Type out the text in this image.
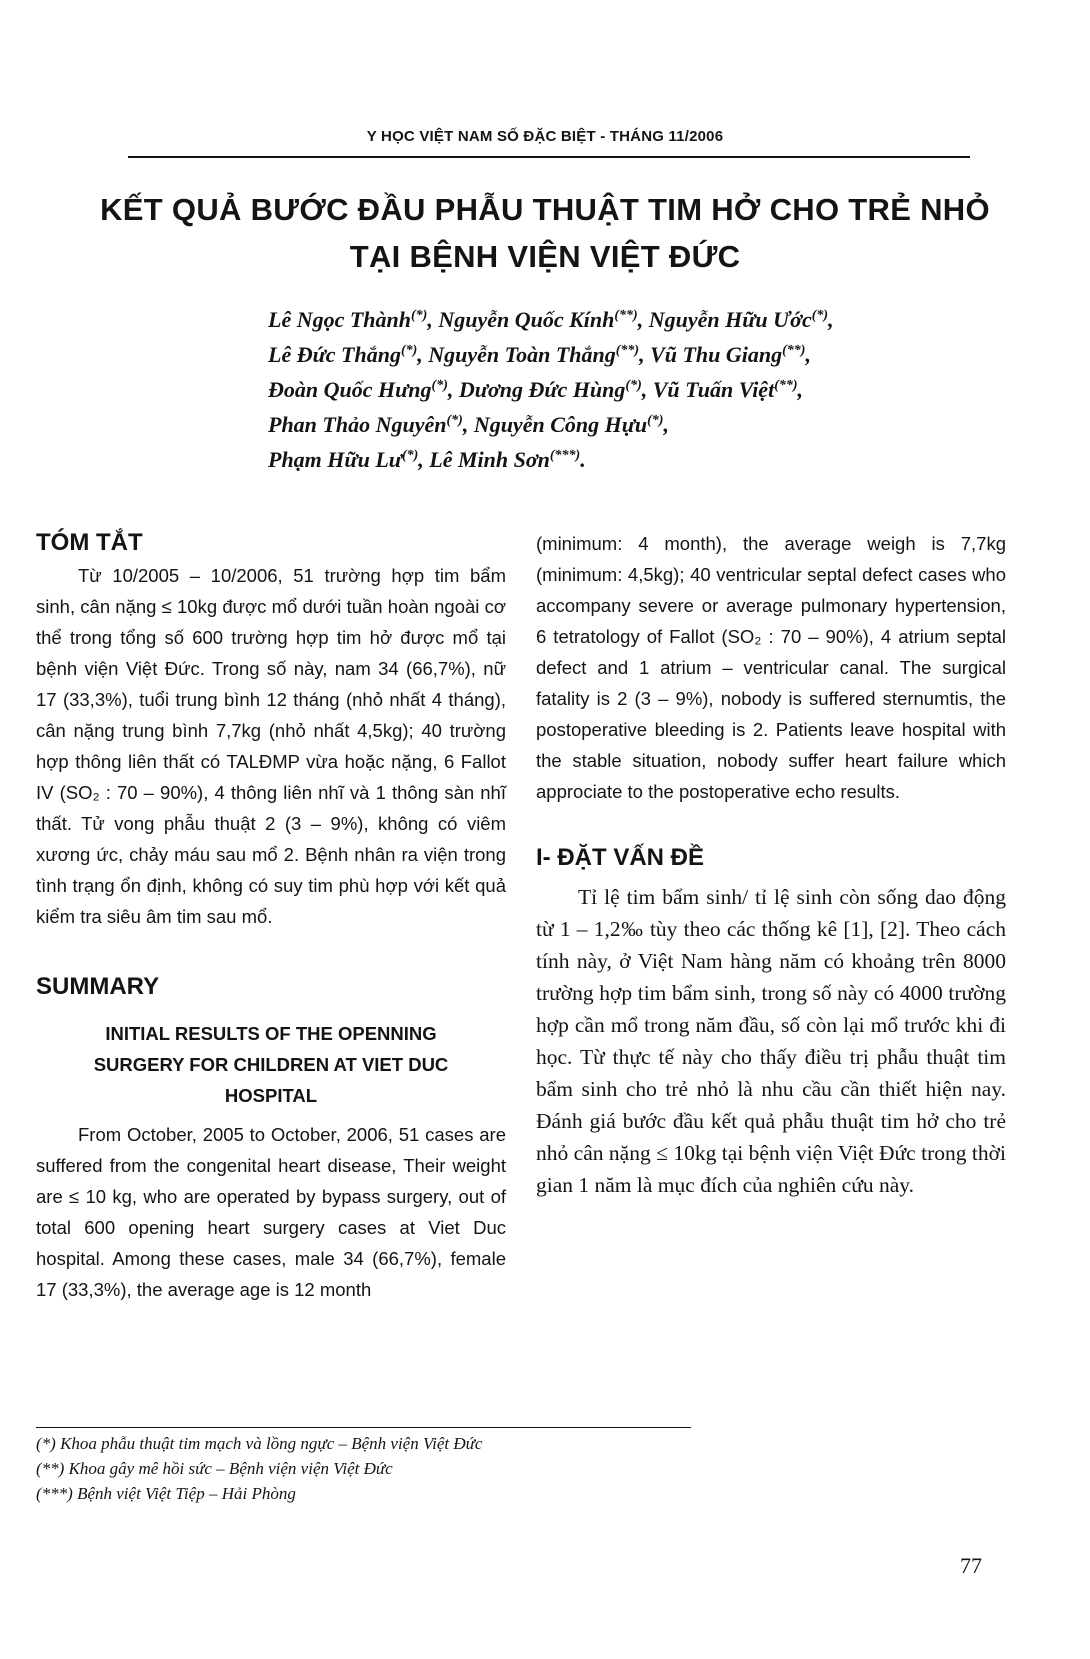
Y HỌC VIỆT NAM SỐ ĐẶC BIỆT - THÁNG 11/2006
KẾT QUẢ BƯỚC ĐẦU PHẪU THUẬT TIM HỞ CHO TRẺ NHỎ
TẠI BỆNH VIỆN VIỆT ĐỨC
Lê Ngọc Thành(*), Nguyễn Quốc Kính(**), Nguyễn Hữu Ước(*),
Lê Đức Thắng(*), Nguyễn Toàn Thắng(**), Vũ Thu Giang(**),
Đoàn Quốc Hưng(*), Dương Đức Hùng(*), Vũ Tuấn Việt(**),
Phan Thảo Nguyên(*), Nguyễn Công Hựu(*),
Phạm Hữu Lư(*), Lê Minh Sơn(***).
TÓM TẮT

Từ 10/2005 – 10/2006, 51 trường hợp tim bẩm sinh, cân nặng ≤ 10kg được mổ dưới tuần hoàn ngoài cơ thể trong tổng số 600 trường hợp tim hở được mổ tại bệnh viện Việt Đức. Trong số này, nam 34 (66,7%), nữ 17 (33,3%), tuổi trung bình 12 tháng (nhỏ nhất 4 tháng), cân nặng trung bình 7,7kg (nhỏ nhất 4,5kg); 40 trường hợp thông liên thất có TALĐMP vừa hoặc nặng, 6 Fallot IV (SO₂ : 70 – 90%), 4 thông liên nhĩ và 1 thông sàn nhĩ thất. Tử vong phẫu thuật 2 (3 – 9%), không có viêm xương ức, chảy máu sau mổ 2. Bệnh nhân ra viện trong tình trạng ổn định, không có suy tim phù hợp với kết quả kiểm tra siêu âm tim sau mổ.

SUMMARY
INITIAL RESULTS OF THE OPENNING
SURGERY FOR CHILDREN AT VIET DUC
HOSPITAL

From October, 2005 to October, 2006, 51 cases are suffered from the congenital heart disease, Their weight are ≤ 10 kg, who are operated by bypass surgery, out of total 600 opening heart surgery cases at Viet Duc hospital. Among these cases, male 34 (66,7%), female 17 (33,3%), the average age is 12 month

(minimum: 4 month), the average weigh is 7,7kg (minimum: 4,5kg); 40 ventricular septal defect cases who accompany severe or average pulmonary hypertension, 6 tetratology of Fallot (SO₂ : 70 – 90%), 4 atrium septal defect and 1 atrium – ventricular canal. The surgical fatality is 2 (3 – 9%), nobody is suffered sternumtis, the postoperative bleeding is 2. Patients leave hospital with the stable situation, nobody suffer heart failure which approciate to the postoperative echo results.

I- ĐẶT VẤN ĐỀ

Tỉ lệ tim bẩm sinh/ tỉ lệ sinh còn sống dao động từ 1 – 1,2‰ tùy theo các thống kê [1], [2]. Theo cách tính này, ở Việt Nam hàng năm có khoảng trên 8000 trường hợp tim bẩm sinh, trong số này có 4000 trường hợp cần mổ trong năm đầu, số còn lại mổ trước khi đi học. Từ thực tế này cho thấy điều trị phẫu thuật tim bẩm sinh cho trẻ nhỏ là nhu cầu cần thiết hiện nay. Đánh giá bước đầu kết quả phẫu thuật tim hở cho trẻ nhỏ cân nặng ≤ 10kg tại bệnh viện Việt Đức trong thời gian 1 năm là mục đích của nghiên cứu này.

(*) Khoa phẫu thuật tim mạch và lồng ngực – Bệnh viện Việt Đức
(**) Khoa gây mê hồi sức – Bệnh viện viện Việt Đức
(***) Bệnh việt Việt Tiệp – Hải Phòng
77
